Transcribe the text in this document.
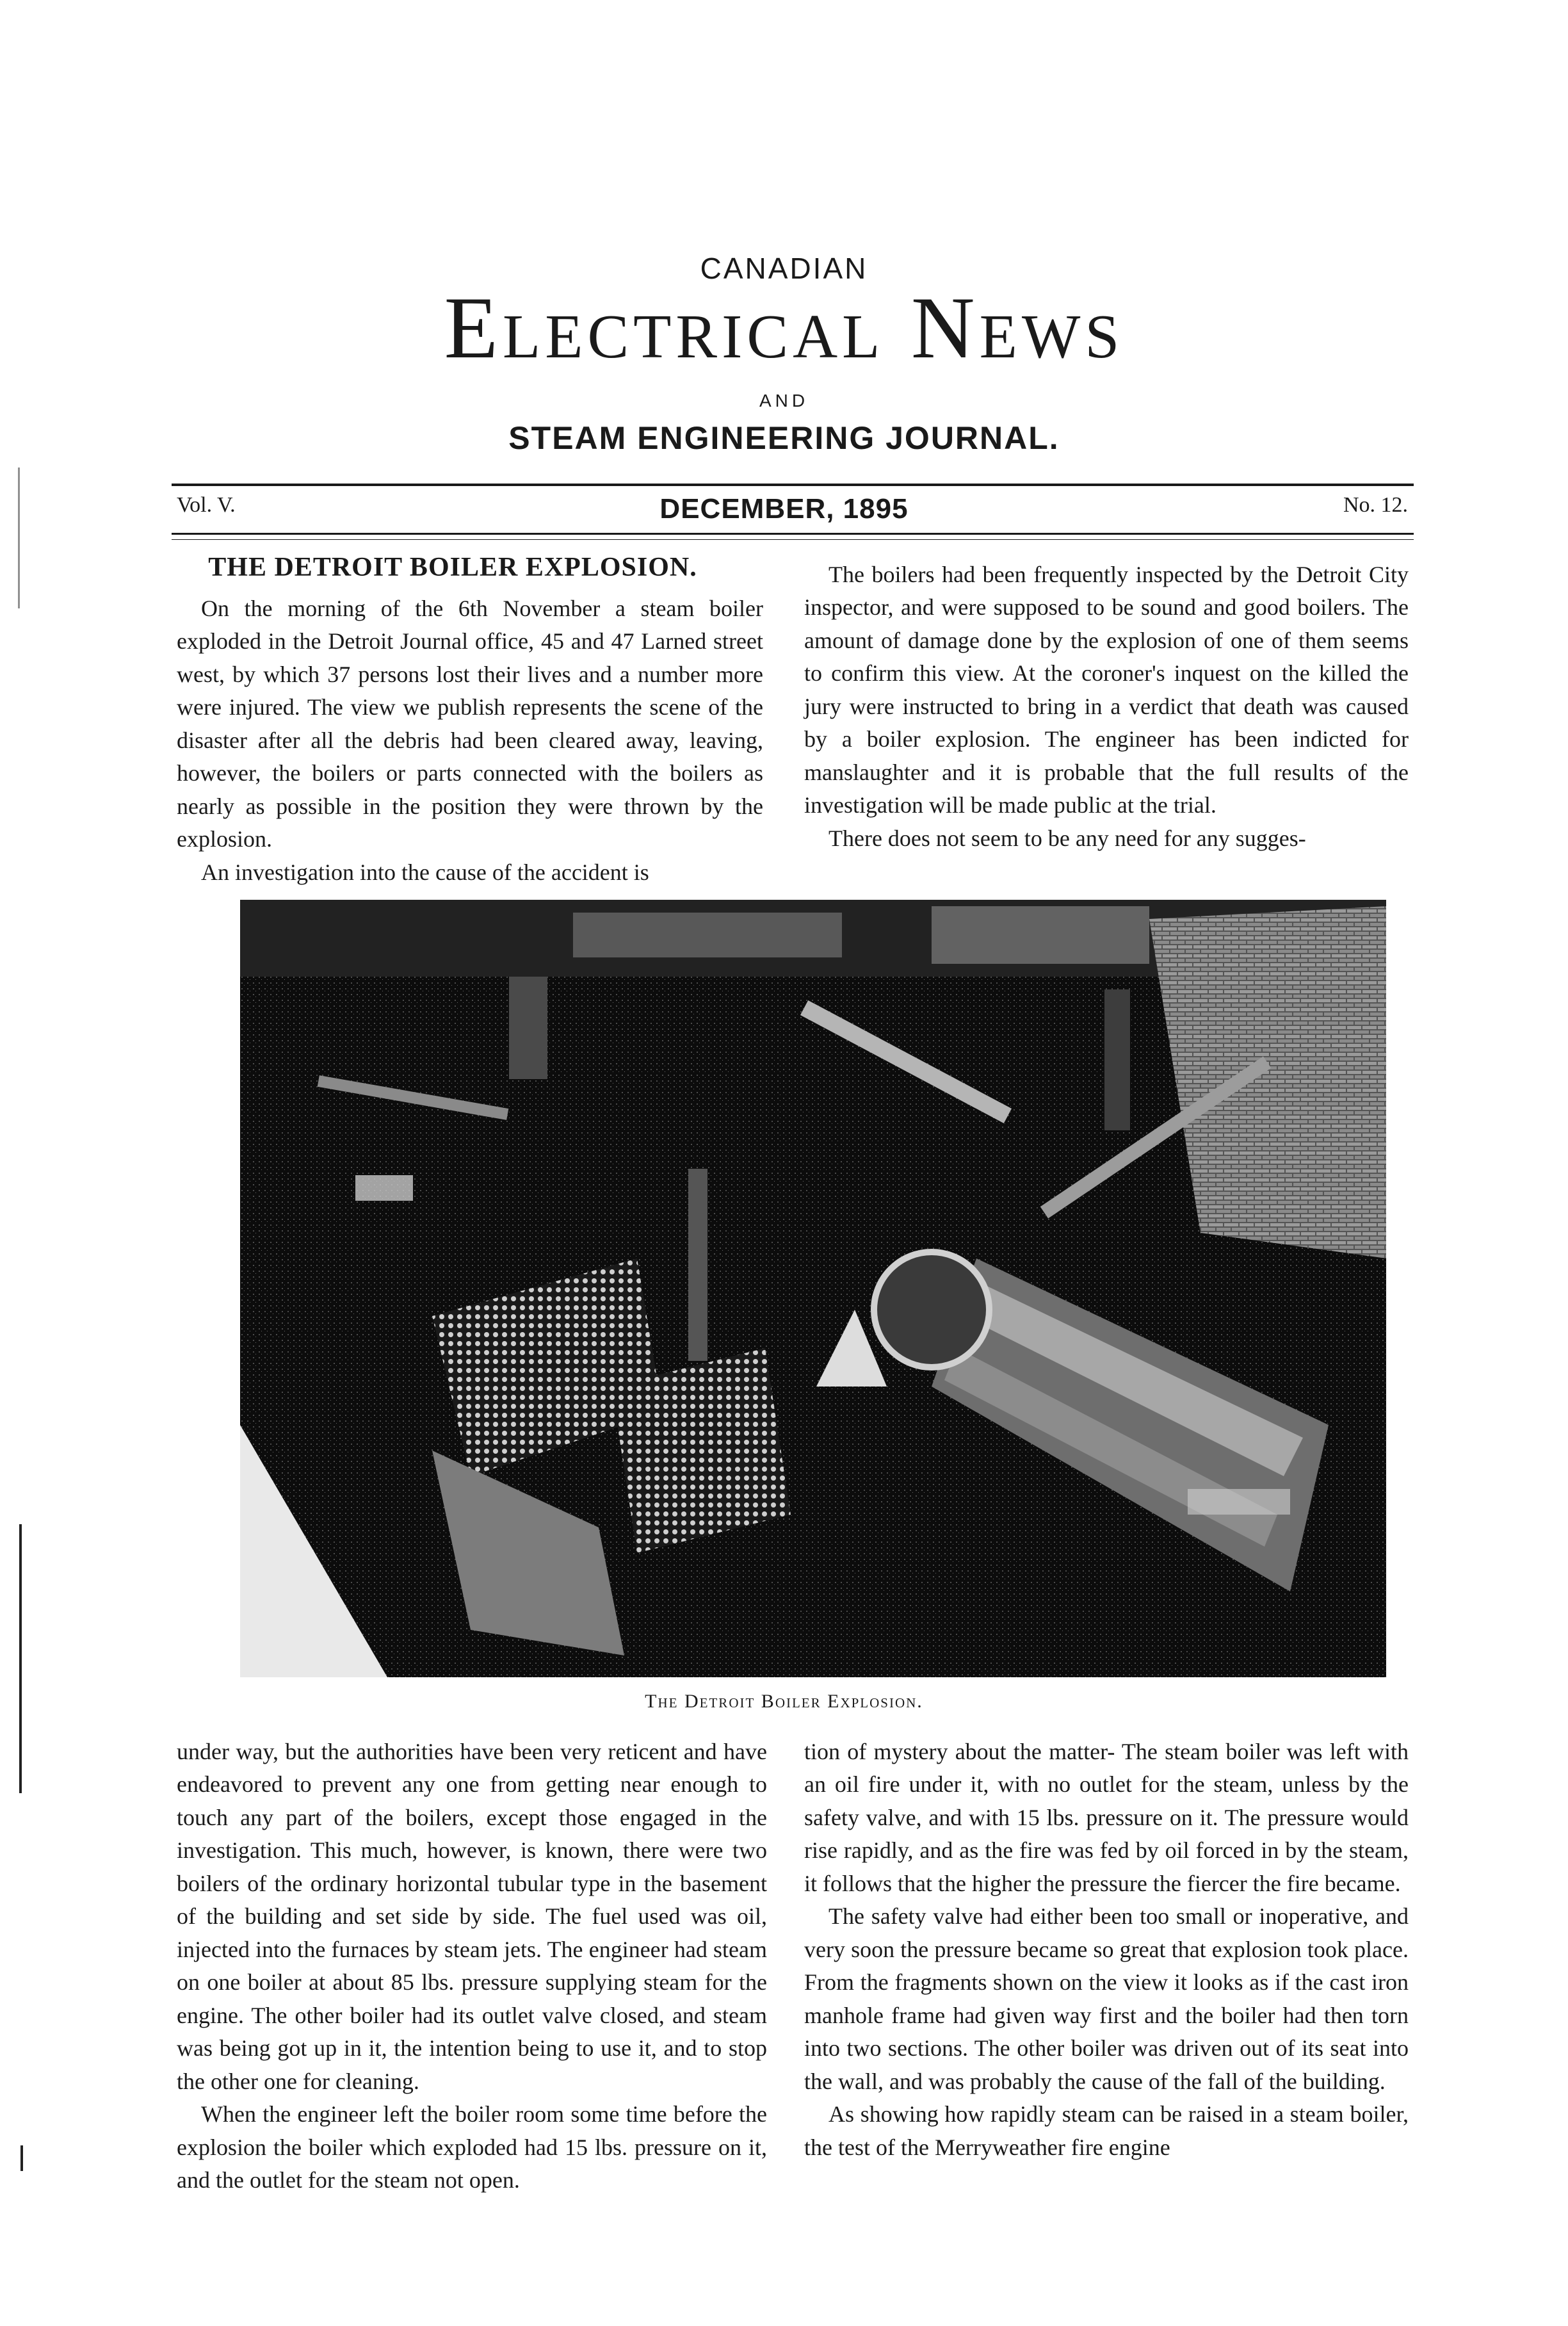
CANADIAN
Electrical News
AND
STEAM ENGINEERING JOURNAL.
Vol. V.	DECEMBER, 1895	No. 12.
THE DETROIT BOILER EXPLOSION.

On the morning of the 6th November a steam boiler exploded in the Detroit Journal office, 45 and 47 Larned street west, by which 37 persons lost their lives and a number more were injured. The view we publish represents the scene of the disaster after all the debris had been cleared away, leaving, however, the boilers or parts connected with the boilers as nearly as possible in the position they were thrown by the explosion.

An investigation into the cause of the accident is

The boilers had been frequently inspected by the Detroit City inspector, and were supposed to be sound and good boilers. The amount of damage done by the explosion of one of them seems to confirm this view. At the coroner's inquest on the killed the jury were instructed to bring in a verdict that death was caused by a boiler explosion. The engineer has been indicted for manslaughter and it is probable that the full results of the investigation will be made public at the trial.

There does not seem to be any need for any sugges-

The Detroit Boiler Explosion.

under way, but the authorities have been very reticent and have endeavored to prevent any one from getting near enough to touch any part of the boilers, except those engaged in the investigation. This much, however, is known, there were two boilers of the ordinary horizontal tubular type in the basement of the building and set side by side. The fuel used was oil, injected into the furnaces by steam jets. The engineer had steam on one boiler at about 85 lbs. pressure supplying steam for the engine. The other boiler had its outlet valve closed, and steam was being got up in it, the intention being to use it, and to stop the other one for cleaning.

When the engineer left the boiler room some time before the explosion the boiler which exploded had 15 lbs. pressure on it, and the outlet for the steam not open.

tion of mystery about the matter- The steam boiler was left with an oil fire under it, with no outlet for the steam, unless by the safety valve, and with 15 lbs. pressure on it. The pressure would rise rapidly, and as the fire was fed by oil forced in by the steam, it follows that the higher the pressure the fiercer the fire became.

The safety valve had either been too small or inoperative, and very soon the pressure became so great that explosion took place. From the fragments shown on the view it looks as if the cast iron manhole frame had given way first and the boiler had then torn into two sections. The other boiler was driven out of its seat into the wall, and was probably the cause of the fall of the building.

As showing how rapidly steam can be raised in a steam boiler, the test of the Merryweather fire engine
